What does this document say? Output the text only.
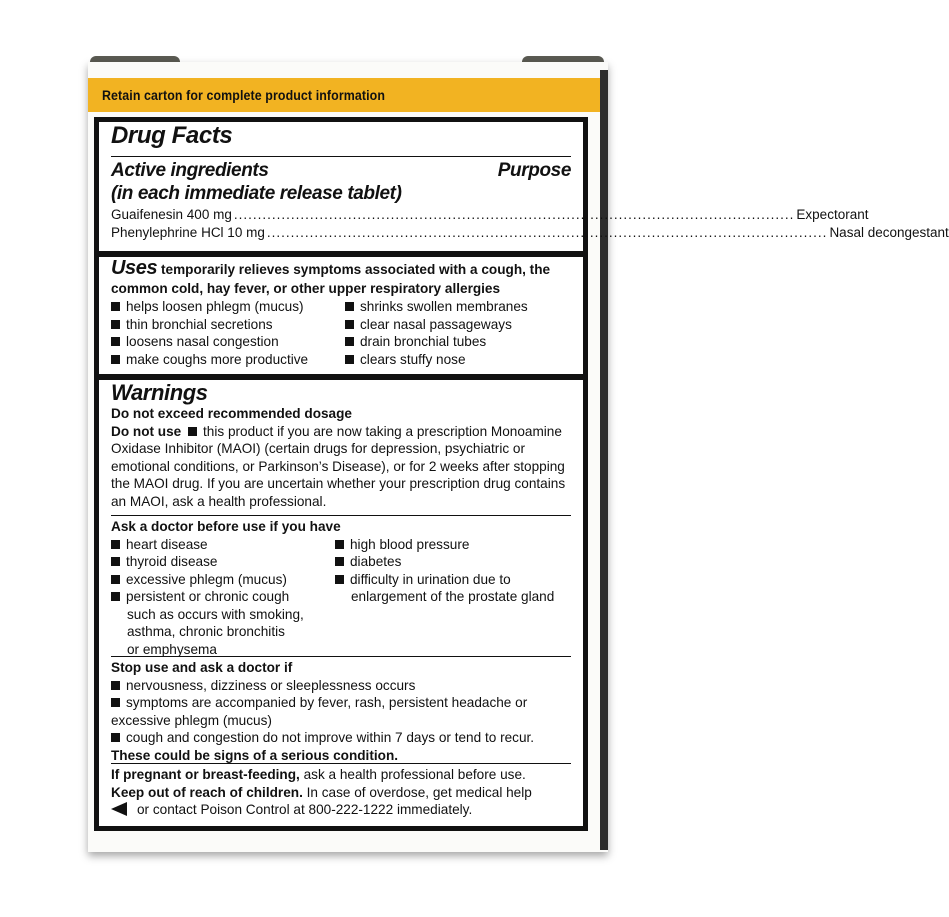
Retain carton for complete product information
Drug Facts
Active ingredients	Purpose
(in each immediate release tablet)
Guaifenesin 400 mg ...................................................................................................................... Expectorant
Phenylephrine HCl 10 mg ...................................................................................................................... Nasal decongestant
Uses temporarily relieves symptoms associated with a cough, the common cold, hay fever, or other upper respiratory allergies
helps loosen phlegm (mucus)
thin bronchial secretions
loosens nasal congestion
make coughs more productive
shrinks swollen membranes
clear nasal passageways
drain bronchial tubes
clears stuffy nose
Warnings
Do not exceed recommended dosage
Do not use this product if you are now taking a prescription Monoamine Oxidase Inhibitor (MAOI) (certain drugs for depression, psychiatric or emotional conditions, or Parkinson’s Disease), or for 2 weeks after stopping the MAOI drug. If you are uncertain whether your prescription drug contains an MAOI, ask a health professional.
Ask a doctor before use if you have
heart disease
thyroid disease
excessive phlegm (mucus)
persistent or chronic cough
such as occurs with smoking,
asthma, chronic bronchitis
or emphysema
high blood pressure
diabetes
difficulty in urination due to
enlargement of the prostate gland
Stop use and ask a doctor if
nervousness, dizziness or sleeplessness occurs
symptoms are accompanied by fever, rash, persistent headache or excessive phlegm (mucus)
cough and congestion do not improve within 7 days or tend to recur.
These could be signs of a serious condition.
If pregnant or breast-feeding, ask a health professional before use.
Keep out of reach of children. In case of overdose, get medical help
or contact Poison Control at 800-222-1222 immediately.
